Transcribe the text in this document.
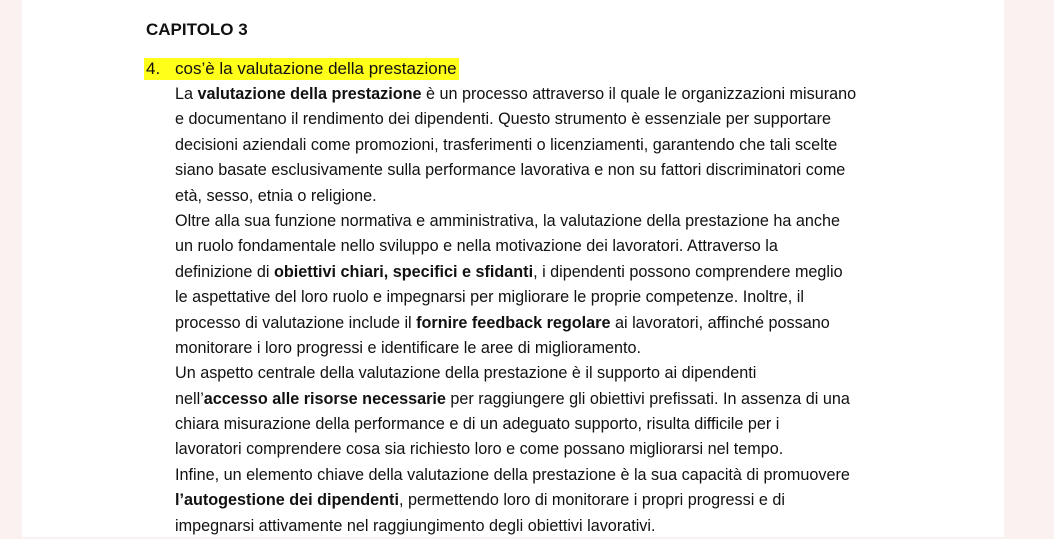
CAPITOLO 3
4. cos’è la valutazione della prestazione
La valutazione della prestazione è un processo attraverso il quale le organizzazioni misurano
e documentano il rendimento dei dipendenti. Questo strumento è essenziale per supportare
decisioni aziendali come promozioni, trasferimenti o licenziamenti, garantendo che tali scelte
siano basate esclusivamente sulla performance lavorativa e non su fattori discriminatori come
età, sesso, etnia o religione.
Oltre alla sua funzione normativa e amministrativa, la valutazione della prestazione ha anche
un ruolo fondamentale nello sviluppo e nella motivazione dei lavoratori. Attraverso la
definizione di obiettivi chiari, specifici e sfidanti, i dipendenti possono comprendere meglio
le aspettative del loro ruolo e impegnarsi per migliorare le proprie competenze. Inoltre, il
processo di valutazione include il fornire feedback regolare ai lavoratori, affinché possano
monitorare i loro progressi e identificare le aree di miglioramento.
Un aspetto centrale della valutazione della prestazione è il supporto ai dipendenti
nell’accesso alle risorse necessarie per raggiungere gli obiettivi prefissati. In assenza di una
chiara misurazione della performance e di un adeguato supporto, risulta difficile per i
lavoratori comprendere cosa sia richiesto loro e come possano migliorarsi nel tempo.
Infine, un elemento chiave della valutazione della prestazione è la sua capacità di promuovere
l’autogestione dei dipendenti, permettendo loro di monitorare i propri progressi e di
impegnarsi attivamente nel raggiungimento degli obiettivi lavorativi.
